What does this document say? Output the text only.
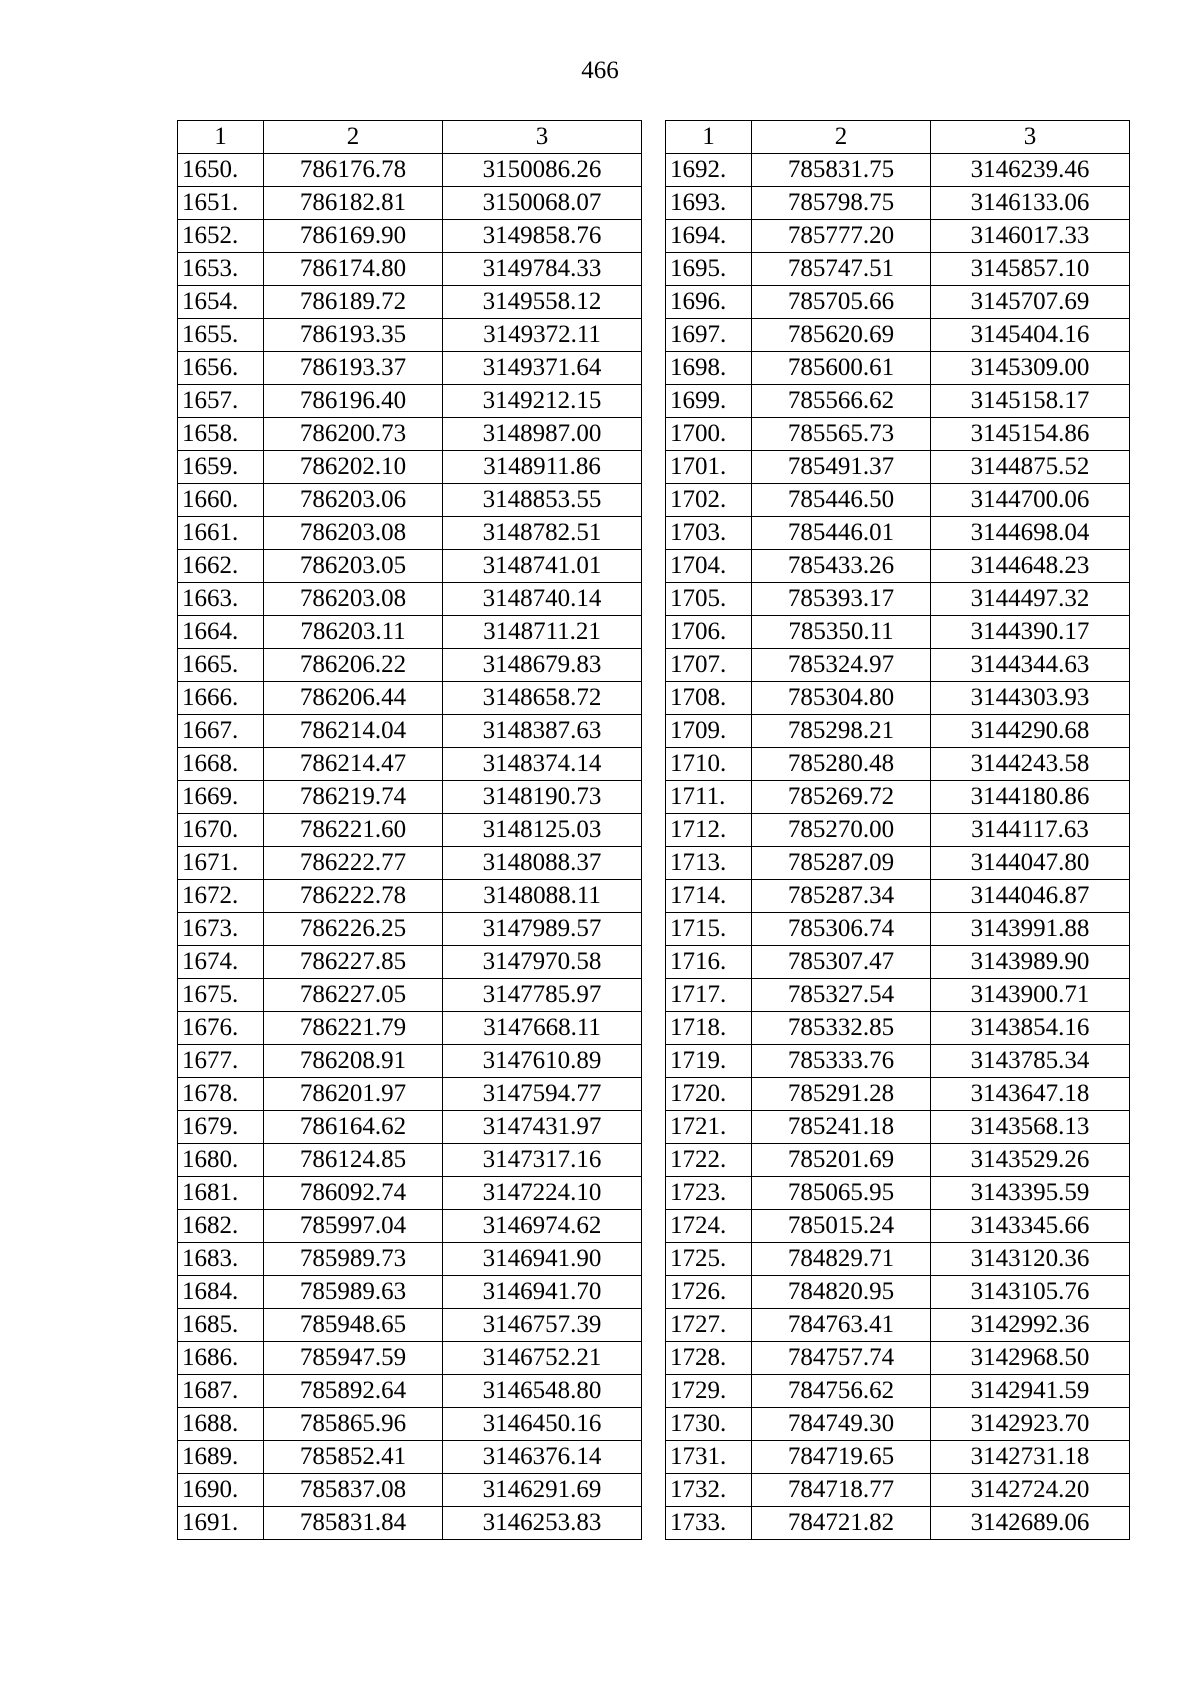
466
1	2	3
1650.	786176.78	3150086.26
1651.	786182.81	3150068.07
1652.	786169.90	3149858.76
1653.	786174.80	3149784.33
1654.	786189.72	3149558.12
1655.	786193.35	3149372.11
1656.	786193.37	3149371.64
1657.	786196.40	3149212.15
1658.	786200.73	3148987.00
1659.	786202.10	3148911.86
1660.	786203.06	3148853.55
1661.	786203.08	3148782.51
1662.	786203.05	3148741.01
1663.	786203.08	3148740.14
1664.	786203.11	3148711.21
1665.	786206.22	3148679.83
1666.	786206.44	3148658.72
1667.	786214.04	3148387.63
1668.	786214.47	3148374.14
1669.	786219.74	3148190.73
1670.	786221.60	3148125.03
1671.	786222.77	3148088.37
1672.	786222.78	3148088.11
1673.	786226.25	3147989.57
1674.	786227.85	3147970.58
1675.	786227.05	3147785.97
1676.	786221.79	3147668.11
1677.	786208.91	3147610.89
1678.	786201.97	3147594.77
1679.	786164.62	3147431.97
1680.	786124.85	3147317.16
1681.	786092.74	3147224.10
1682.	785997.04	3146974.62
1683.	785989.73	3146941.90
1684.	785989.63	3146941.70
1685.	785948.65	3146757.39
1686.	785947.59	3146752.21
1687.	785892.64	3146548.80
1688.	785865.96	3146450.16
1689.	785852.41	3146376.14
1690.	785837.08	3146291.69
1691.	785831.84	3146253.83
1	2	3
1692.	785831.75	3146239.46
1693.	785798.75	3146133.06
1694.	785777.20	3146017.33
1695.	785747.51	3145857.10
1696.	785705.66	3145707.69
1697.	785620.69	3145404.16
1698.	785600.61	3145309.00
1699.	785566.62	3145158.17
1700.	785565.73	3145154.86
1701.	785491.37	3144875.52
1702.	785446.50	3144700.06
1703.	785446.01	3144698.04
1704.	785433.26	3144648.23
1705.	785393.17	3144497.32
1706.	785350.11	3144390.17
1707.	785324.97	3144344.63
1708.	785304.80	3144303.93
1709.	785298.21	3144290.68
1710.	785280.48	3144243.58
1711.	785269.72	3144180.86
1712.	785270.00	3144117.63
1713.	785287.09	3144047.80
1714.	785287.34	3144046.87
1715.	785306.74	3143991.88
1716.	785307.47	3143989.90
1717.	785327.54	3143900.71
1718.	785332.85	3143854.16
1719.	785333.76	3143785.34
1720.	785291.28	3143647.18
1721.	785241.18	3143568.13
1722.	785201.69	3143529.26
1723.	785065.95	3143395.59
1724.	785015.24	3143345.66
1725.	784829.71	3143120.36
1726.	784820.95	3143105.76
1727.	784763.41	3142992.36
1728.	784757.74	3142968.50
1729.	784756.62	3142941.59
1730.	784749.30	3142923.70
1731.	784719.65	3142731.18
1732.	784718.77	3142724.20
1733.	784721.82	3142689.06
